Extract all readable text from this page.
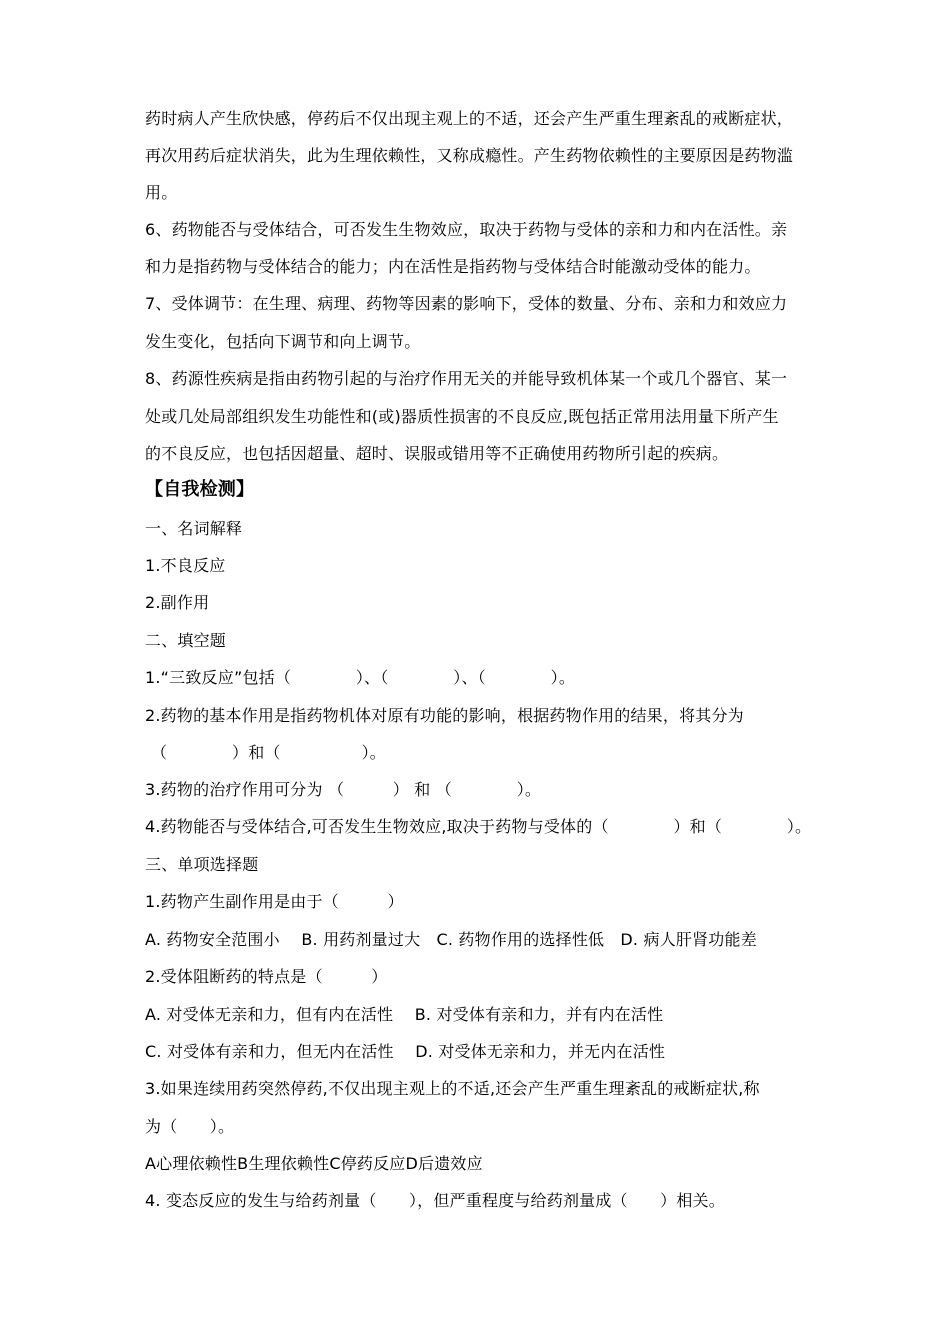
药时病人产生欣快感，停药后不仅出现主观上的不适，还会产生严重生理紊乱的戒断症状，
再次用药后症状消失，此为生理依赖性，又称成瘾性。产生药物依赖性的主要原因是药物滥
用。
6、药物能否与受体结合，可否发生生物效应，取决于药物与受体的亲和力和内在活性。亲
和力是指药物与受体结合的能力；内在活性是指药物与受体结合时能激动受体的能力。
7、受体调节：在生理、病理、药物等因素的影响下，受体的数量、分布、亲和力和效应力
发生变化，包括向下调节和向上调节。
8、药源性疾病是指由药物引起的与治疗作用无关的并能导致机体某一个或几个器官、某一
处或几处局部组织发生功能性和(或)器质性损害的不良反应,既包括正常用法用量下所产生
的不良反应，也包括因超量、超时、误服或错用等不正确使用药物所引起的疾病。
【自我检测】
一、名词解释
1.不良反应
2.副作用
二、填空题
1.“三致反应”包括（　　　　）、（　　　　）、（　　　　）。
2.药物的基本作用是指药物机体对原有功能的影响，根据药物作用的结果，将其分为
（　　　　）和（　　　　　）。
3.药物的治疗作用可分为 （　　　） 和 （　　　　）。
4.药物能否与受体结合,可否发生生物效应,取决于药物与受体的（　　　　）和（　　　　）。
三、单项选择题
1.药物产生副作用是由于（　　　）
A. 药物安全范围小　 B. 用药剂量过大　C. 药物作用的选择性低　D. 病人肝肾功能差
2.受体阻断药的特点是（　　　）
A. 对受体无亲和力，但有内在活性　 B. 对受体有亲和力，并有内在活性
C. 对受体有亲和力，但无内在活性　 D. 对受体无亲和力，并无内在活性
3.如果连续用药突然停药,不仅出现主观上的不适,还会产生严重生理紊乱的戒断症状,称
为（　　）。
A心理依赖性B生理依赖性C停药反应D后遗效应
4. 变态反应的发生与给药剂量（　　），但严重程度与给药剂量成（　　）相关。
